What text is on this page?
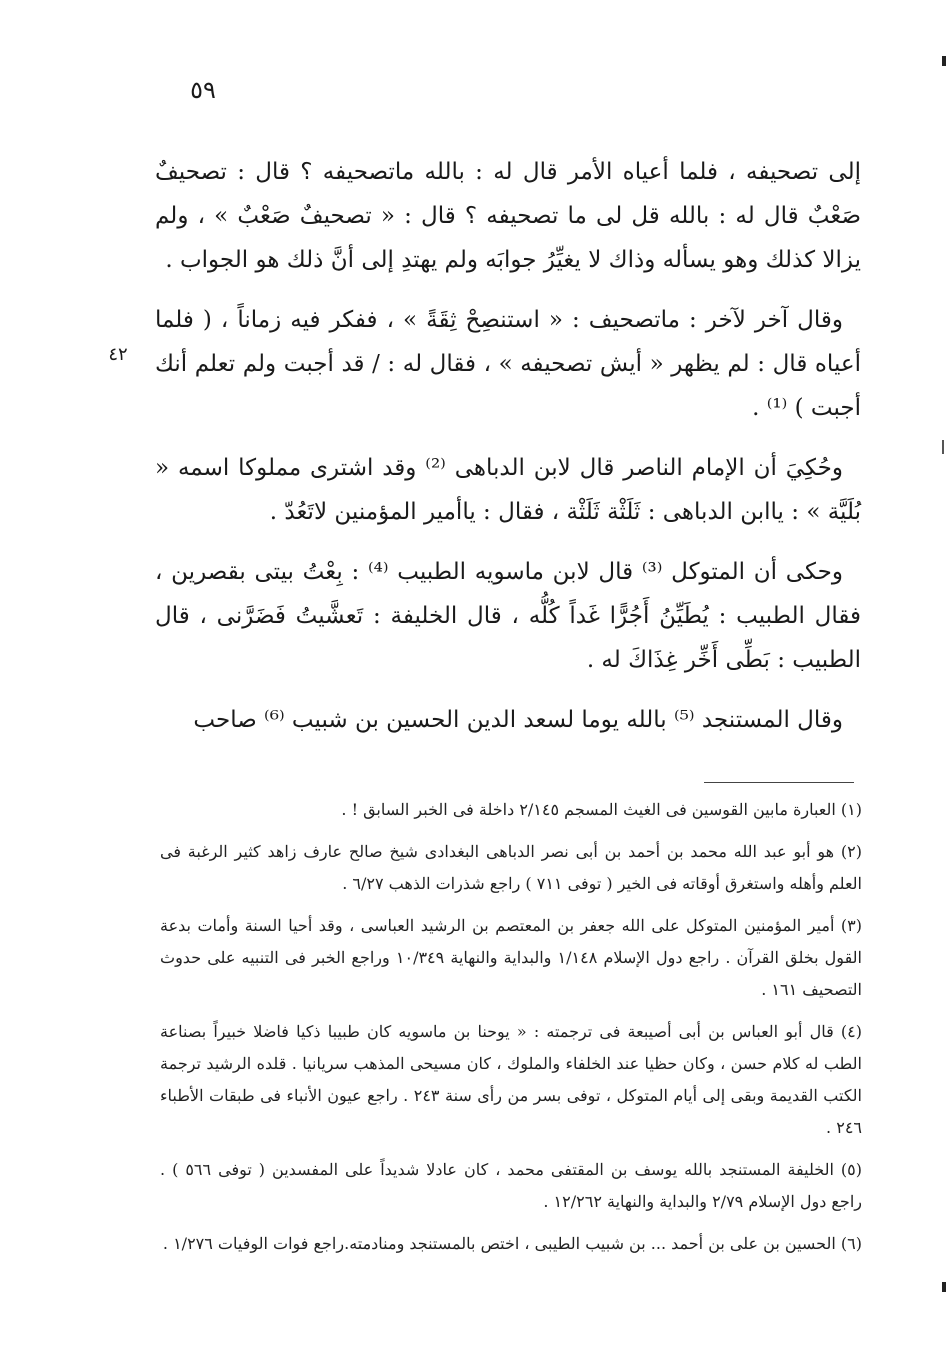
٥٩
٤٢

إلى تصحيفه ، فلما أعياه الأمر قال له : بالله ماتصحيفه ؟ قال : تصحيفٌ صَعْبٌ قال له : بالله قل لى ما تصحيفه ؟ قال : « تصحيفٌ صَعْبٌ » ، ولم يزالا كذلك وهو يسأله وذاك لا يغيِّرُ جوابَه ولم يهتدِ إلى أنَّ ذلك هو الجواب .

وقال آخر لآخر : ماتصحيف : « استنصِحْ ثِقَةً » ، ففكر فيه زماناً ، ( فلما أعياه قال : لم يظهر « أيش تصحيفه » ، فقال له : / قد أجبت ولم تعلم أنك أجبت ) ⁽¹⁾ .

وحُكِيَ أن الإمام الناصر قال لابن الدباهى ⁽²⁾ وقد اشترى مملوكا اسمه « بُلَيَّة » : ياابن الدباهى : ثَلَثْة ثَلَثْة ، فقال : ياأمير المؤمنين لاتَعُدّ .

وحكى أن المتوكل ⁽³⁾ قال لابن ماسويه الطبيب ⁽⁴⁾ : بِعْتُ بيتى بقصرين ، فقال الطبيب : يُطَيِّنُ أَجُرًّا غَداً كُلُّه ، قال الخليفة : تَعشَّيتُ فَضَرَّنى ، قال الطبيب : بَطِّى أَخِّر غِذَاكَ له .

وقال المستنجد ⁽⁵⁾ بالله يوما لسعد الدين الحسين بن شبيب ⁽⁶⁾ صاحب

(١) العبارة مابين القوسين فى الغيث المسجم ٢/١٤٥ داخلة فى الخبر السابق ! .

(٢) هو أبو عبد الله محمد بن أحمد بن أبى نصر الدباهى البغدادى شيخ صالح عارف زاهد كثير الرغبة فى العلم وأهله واستغرق أوقاته فى الخير ( توفى ٧١١ ) راجع شذرات الذهب ٦/٢٧ .

(٣) أمير المؤمنين المتوكل على الله جعفر بن المعتصم بن الرشيد العباسى ، وقد أحيا السنة وأمات بدعة القول بخلق القرآن . راجع دول الإسلام ١/١٤٨ والبداية والنهاية ١٠/٣٤٩ وراجع الخبر فى التنبيه على حدوث التصحيف ١٦١ .

(٤) قال أبو العباس بن أبى أصيبعة فى ترجمته : « يوحنا بن ماسويه كان طبيبا ذكيا فاضلا خبيراً بصناعة الطب له كلام حسن ، وكان حظيا عند الخلفاء والملوك ، كان مسيحى المذهب سريانيا . قلده الرشيد ترجمة الكتب القديمة وبقى إلى أيام المتوكل ، توفى بسر من رأى سنة ٢٤٣ . راجع عيون الأنباء فى طبقات الأطباء ٢٤٦ .

(٥) الخليفة المستنجد بالله يوسف بن المقتفى محمد ، كان عادلا شديداً على المفسدين ( توفى ٥٦٦ ) . راجع دول الإسلام ٢/٧٩ والبداية والنهاية ١٢/٢٦٢ .

(٦) الحسين بن على بن أحمد ... بن شبيب الطيبى ، اختص بالمستنجد ومنادمته.راجع فوات الوفيات ١/٢٧٦ .
